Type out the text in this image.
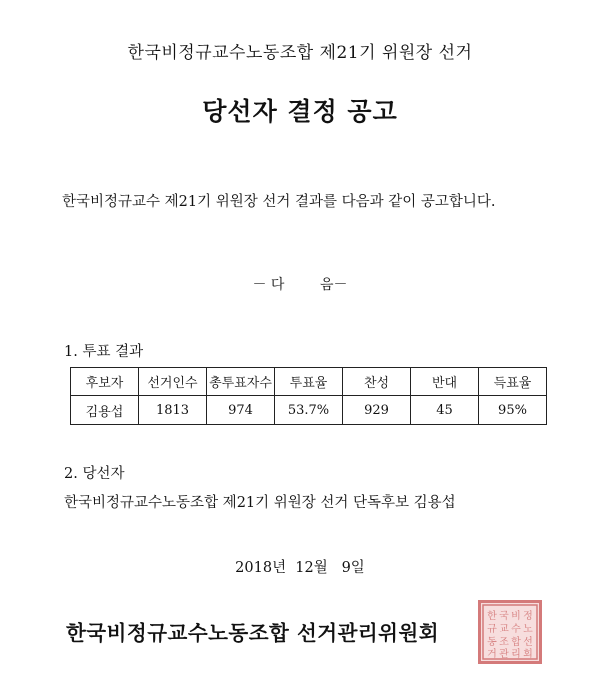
한국비정규교수노동조합 제21기 위원장 선거
당선자 결정 공고
한국비정규교수 제21기 위원장 선거 결과를 다음과 같이 공고합니다.
－ 다        음－
1. 투표 결과
후보자	선거인수	총투표자수	투표율	찬성	반대	득표율
김용섭	1813	974	53.7%	929	45	95%
2. 당선자
한국비정규교수노동조합 제21기 위원장 선거 단독후보 김용섭
2018년  12월   9일
한국비정규교수노동조합 선거관리위원회
한 국 비 정
규 교 수 노
동 조 합 선
거 관 리 회
